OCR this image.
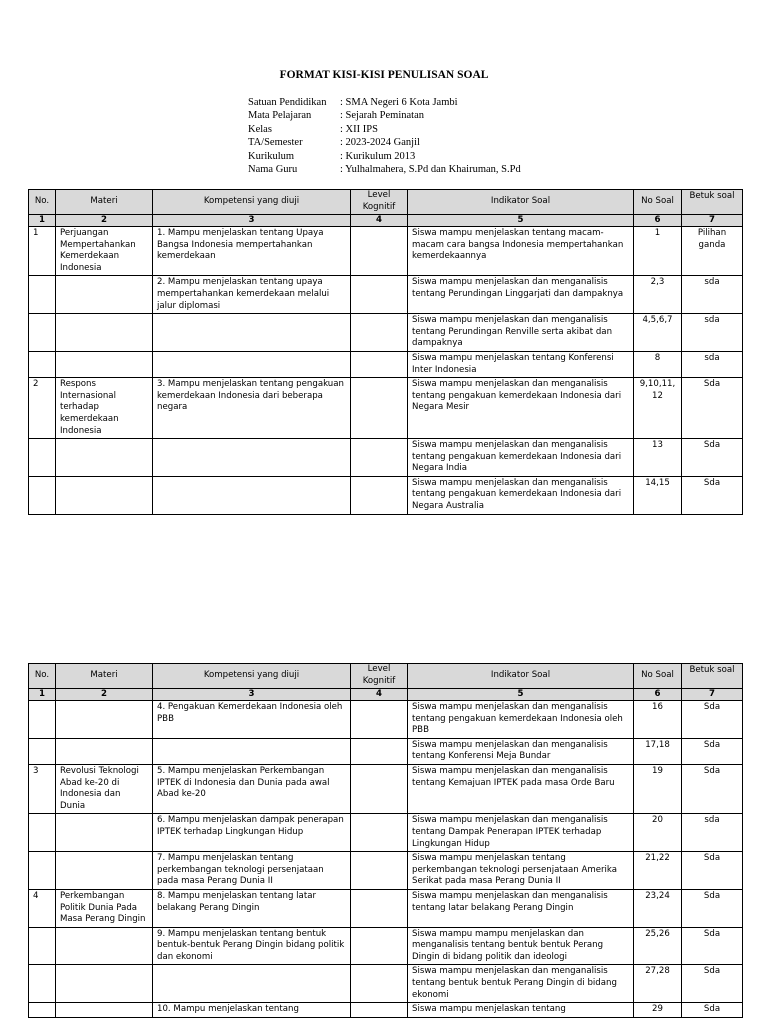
FORMAT KISI-KISI PENULISAN SOAL
Satuan Pendidikan	: SMA Negeri 6 Kota Jambi
Mata Pelajaran	: Sejarah Peminatan
Kelas	: XII IPS
TA/Semester	: 2023-2024 Ganjil
Kurikulum	: Kurikulum 2013
Nama Guru	: Yulhalmahera, S.Pd dan Khairuman, S.Pd
No.	Materi	Kompetensi yang diuji	Level Kognitif	Indikator Soal	No Soal	Betuk soal
1	2	3	4	5	6	7
1	Perjuangan Mempertahankan Kemerdekaan Indonesia	1. Mampu menjelaskan tentang Upaya Bangsa Indonesia mempertahankan kemerdekaan		Siswa mampu menjelaskan tentang macam-macam cara bangsa Indonesia mempertahankan kemerdekaannya	1	Pilihan ganda
		2. Mampu menjelaskan tentang upaya mempertahankan kemerdekaan melalui jalur diplomasi		Siswa mampu menjelaskan dan menganalisis tentang Perundingan Linggarjati dan dampaknya	2,3	sda
				Siswa mampu menjelaskan dan menganalisis tentang Perundingan Renville serta akibat dan dampaknya	4,5,6,7	sda
				Siswa mampu menjelaskan tentang Konferensi Inter Indonesia	8	sda
2	Respons Internasional terhadap kemerdekaan Indonesia	3. Mampu menjelaskan tentang pengakuan kemerdekaan Indonesia dari beberapa negara		Siswa mampu menjelaskan dan menganalisis tentang pengakuan kemerdekaan Indonesia dari Negara Mesir	9,10,11, 12	Sda
				Siswa mampu menjelaskan dan menganalisis tentang pengakuan kemerdekaan Indonesia dari Negara India	13	Sda
				Siswa mampu menjelaskan dan menganalisis tentang pengakuan kemerdekaan Indonesia dari Negara Australia	14,15	Sda
No.	Materi	Kompetensi yang diuji	Level Kognitif	Indikator Soal	No Soal	Betuk soal
1	2	3	4	5	6	7
		4. Pengakuan Kemerdekaan Indonesia oleh PBB		Siswa mampu menjelaskan dan menganalisis tentang pengakuan kemerdekaan Indonesia oleh PBB	16	Sda
				Siswa mampu menjelaskan dan menganalisis tentang Konferensi Meja Bundar	17,18	Sda
3	Revolusi Teknologi Abad ke-20 di Indonesia dan Dunia	5. Mampu menjelaskan Perkembangan IPTEK di Indonesia dan Dunia pada awal Abad ke-20		Siswa mampu menjelaskan dan menganalisis tentang Kemajuan IPTEK pada masa Orde Baru	19	Sda
		6. Mampu menjelaskan dampak penerapan IPTEK terhadap Lingkungan Hidup		Siswa mampu menjelaskan dan menganalisis tentang Dampak Penerapan IPTEK terhadap Lingkungan Hidup	20	sda
		7. Mampu menjelaskan tentang perkembangan teknologi persenjataan pada masa Perang Dunia II		Siswa mampu menjelaskan tentang perkembangan teknologi persenjataan Amerika Serikat pada masa Perang Dunia II	21,22	Sda
4	Perkembangan Politik Dunia Pada Masa Perang Dingin	8. Mampu menjelaskan tentang latar belakang Perang Dingin		Siswa mampu menjelaskan dan menganalisis tentang latar belakang Perang Dingin	23,24	Sda
		9. Mampu menjelaskan tentang bentuk bentuk-bentuk Perang Dingin bidang politik dan ekonomi		Siswa mampu mampu menjelaskan dan menganalisis tentang bentuk bentuk Perang Dingin di bidang politik dan ideologi	25,26	Sda
				Siswa mampu menjelaskan dan menganalisis tentang bentuk bentuk Perang Dingin di bidang ekonomi	27,28	Sda
		10. Mampu menjelaskan tentang		Siswa mampu menjelaskan tentang	29	Sda
